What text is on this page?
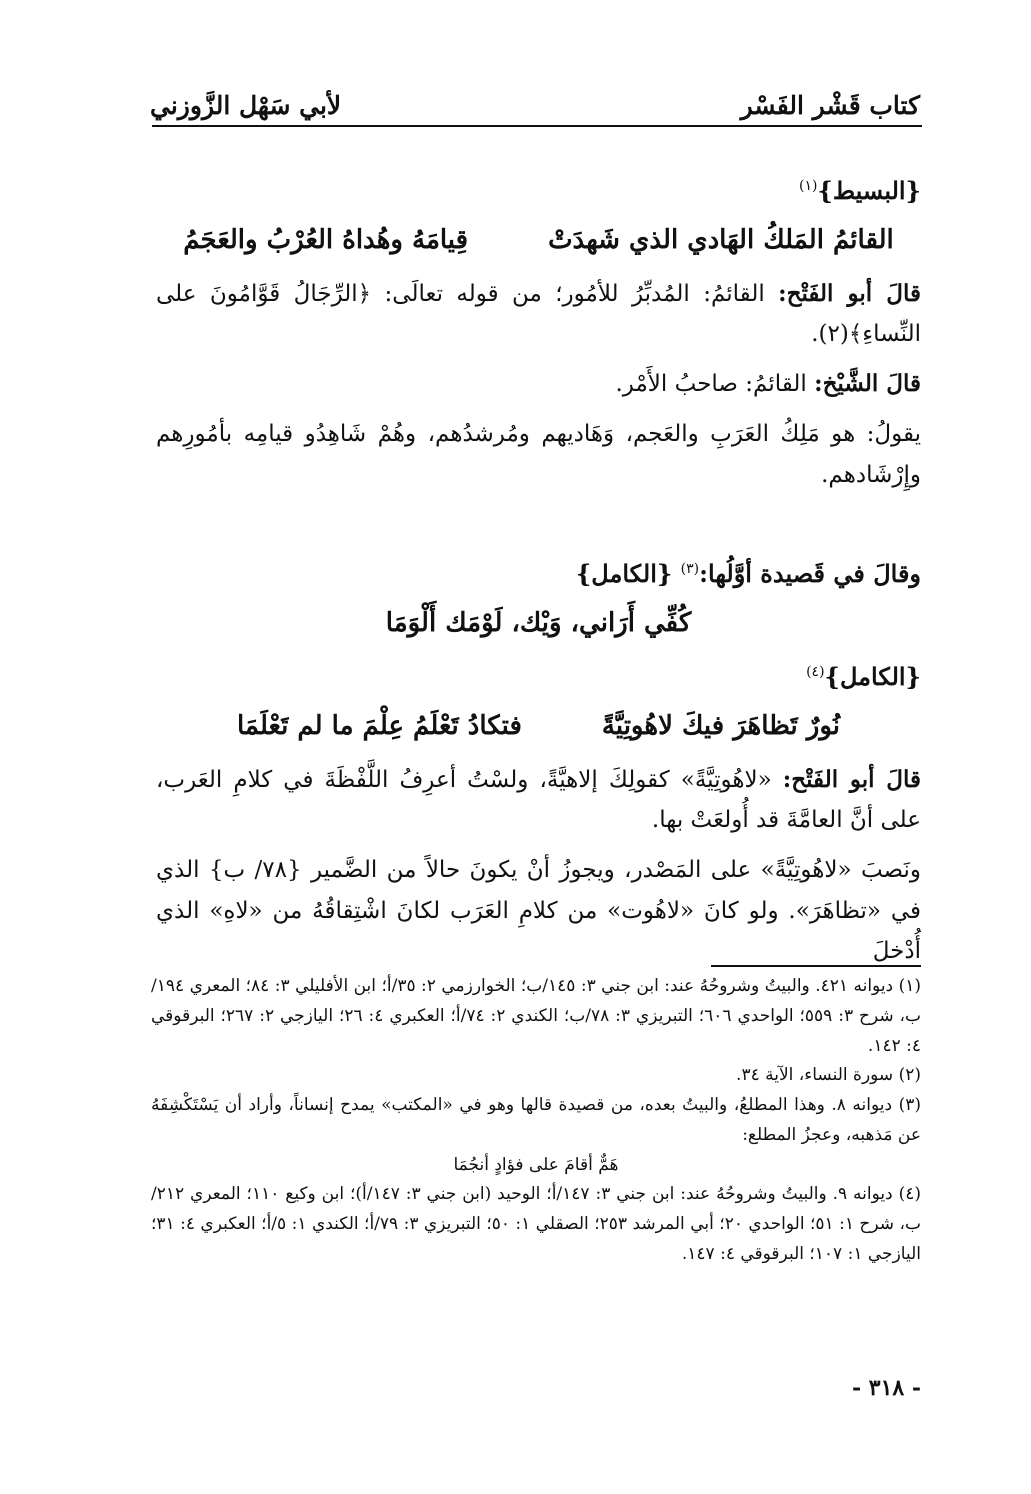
كتاب قَشْر الفَسْر
لأبي سَهْل الزَّوزني
{البسيط}$^{(١)}$
القائمُ المَلكُ الهَادي الذي شَهدَتْ
قِيامَهُ وهُداهُ العُرْبُ والعَجَمُ

قالَ أبو الفَتْح: القائمُ: المُدبِّرُ للأمُور؛ من قوله تعالَى: ﴿الرِّجَالُ قَوَّامُونَ على النِّساءِ﴾(٢).

قالَ الشَّيْخ: القائمُ: صاحبُ الأَمْر.

يقولُ: هو مَلِكُ العَرَبِ والعَجم، وَهَاديهم ومُرشدُهم، وهُمْ شَاهِدُو قيامِه بأمُورِهم وإِرْشَادهم.

وقالَ في قَصيدة أوَّلُها:$^{(٣)}$ {الكامل}
كُفِّي أَرَاني، وَيْك، لَوْمَك أَلْوَمَا
{الكامل}$^{(٤)}$
نُورٌ تَظاهَرَ فيكَ لاهُوتِيَّةً
فتكادُ تَعْلَمُ عِلْمَ ما لم تَعْلَمَا

قالَ أبو الفَتْح: «لاهُوتِيَّةً» كقولِكَ إلاهيَّةً، ولسْتُ أعرِفُ اللَّفْظَةَ في كلامِ العَرب، على أنَّ العامَّةَ قد أُولعَتْ بها.

ونَصبَ «لاهُوتِيَّةً» على المَصْدر، ويجوزُ أنْ يكونَ حالاً من الضَّمير {٧٨/ ب} الذي في «تظاهَرَ». ولو كانَ «لاهُوت» من كلامِ العَرَب لكانَ اشْتِقاقُهُ من «لاهِ» الذي أُدْخلَ

(١) ديوانه ٤٢١. والبيتُ وشروحُهُ عند: ابن جني ٣: ١٤٥/ب؛ الخوارزمي ٢: ٣٥/أ؛ ابن الأفليلي ٣: ٨٤؛ المعري ١٩٤/ب، شرح ٣: ٥٥٩؛ الواحدي ٦٠٦؛ التبريزي ٣: ٧٨/ب؛ الكندي ٢: ٧٤/أ؛ العكبري ٤: ٢٦؛ اليازجي ٢: ٢٦٧؛ البرقوقي ٤: ١٤٢.

(٢) سورة النساء، الآية ٣٤.

(٣) ديوانه ٨. وهذا المطلعُ، والبيتُ بعده، من قصيدة قالها وهو في «المكتب» يمدح إنساناً، وأراد أن يَسْتَكْشِفَهُ عن مَذهبه، وعجزُ المطلع:

هَمٌّ أقامَ على فؤادٍ أنجُمَا

(٤) ديوانه ٩. والبيتُ وشروحُهُ عند: ابن جني ٣: ١٤٧/أ؛ الوحيد (ابن جني ٣: ١٤٧/أ)؛ ابن وكيع ١١٠؛ المعري ٢١٢/ب، شرح ١: ٥١؛ الواحدي ٢٠؛ أبي المرشد ٢٥٣؛ الصقلي ١: ٥٠؛ التبريزي ٣: ٧٩/أ؛ الكندي ١: ٥/أ؛ العكبري ٤: ٣١؛ اليازجي ١: ١٠٧؛ البرقوقي ٤: ١٤٧.

- ٣١٨ -
